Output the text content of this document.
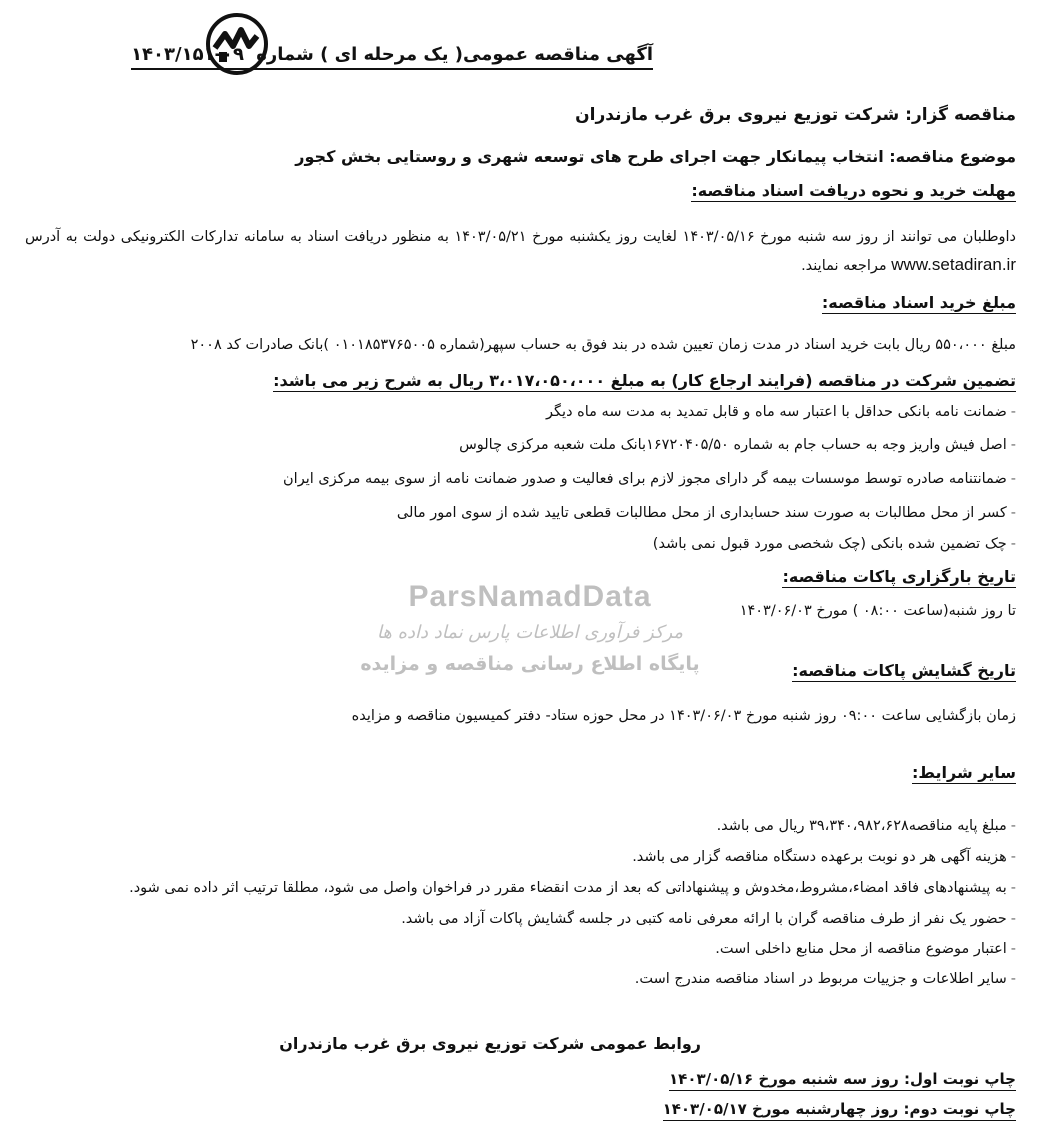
آگهی مناقصه عمومی( یک مرحله ای ) شماره ۰۹-۱۴۰۳/۱۵۱
مناقصه گزار: شرکت توزیع نیروی برق غرب مازندران
موضوع مناقصه: انتخاب پیمانکار جهت اجرای طرح های توسعه شهری و روستایی بخش کجور
مهلت خرید و نحوه دریافت اسناد مناقصه:
داوطلبان می توانند از روز سه شنبه مورخ ۱۴۰۳/۰۵/۱۶ لغایت روز یکشنبه مورخ ۱۴۰۳/۰۵/۲۱ به منظور دریافت اسناد به سامانه تدارکات الکترونیکی دولت به آدرس www.setadiran.ir مراجعه نمایند.
مبلغ خرید اسناد مناقصه:
مبلغ ۵۵۰،۰۰۰ ریال بابت خرید اسناد در مدت زمان تعیین شده در بند فوق به حساب سپهر(شماره ۰۱۰۱۸۵۳۷۶۵۰۰۵ )بانک صادرات کد ۲۰۰۸
تضمین شرکت در مناقصه (فرایند ارجاع کار) به مبلغ ۳،۰۱۷،۰۵۰،۰۰۰ ریال به شرح زیر می باشد:
-ضمانت نامه بانکی حداقل با اعتبار سه ماه و قابل تمدید به مدت سه ماه دیگر
-اصل فیش واریز وجه به حساب جام به شماره ۱۶۷۲۰۴۰۵/۵۰بانک ملت شعبه مرکزی چالوس
-ضمانتنامه صادره توسط موسسات بیمه گر دارای مجوز لازم برای فعالیت و صدور ضمانت نامه از سوی بیمه مرکزی ایران
-کسر از محل مطالبات به صورت سند حسابداری از محل مطالبات قطعی تایید شده از سوی امور مالی
-چک تضمین شده بانکی (چک شخصی مورد قبول نمی باشد)
تاریخ بارگزاری پاکات مناقصه:
تا روز شنبه(ساعت ۰۸:۰۰ ) مورخ ۱۴۰۳/۰۶/۰۳
ParsNamadData
مرکز فرآوری اطلاعات پارس نماد داده ها
پایگاه اطلاع رسانی مناقصه و مزایده	تاریخ گشایش پاکات مناقصه:
زمان بازگشایی ساعت ۰۹:۰۰ روز شنبه مورخ ۱۴۰۳/۰۶/۰۳ در محل حوزه ستاد- دفتر کمیسیون مناقصه و مزایده
سایر شرایط:
-مبلغ پایه مناقصه۳۹،۳۴۰،۹۸۲،۶۲۸ ریال می باشد.
-هزینه آگهی هر دو نوبت برعهده دستگاه مناقصه گزار می باشد.
-به پیشنهادهای فاقد امضاء،مشروط،مخدوش و پیشنهاداتی که بعد از مدت انقضاء مقرر در فراخوان واصل می شود، مطلقا ترتیب اثر داده نمی شود.
-حضور یک نفر از طرف مناقصه گران با ارائه معرفی نامه کتبی در جلسه گشایش پاکات آزاد می باشد.
-اعتبار موضوع مناقصه از محل منابع داخلی است.
-سایر اطلاعات و جزییات مربوط در اسناد مناقصه مندرج است.
روابط عمومی شرکت توزیع نیروی برق غرب مازندران
چاپ نوبت اول: روز سه شنبه مورخ ۱۴۰۳/۰۵/۱۶
چاپ نوبت دوم: روز چهارشنبه مورخ ۱۴۰۳/۰۵/۱۷
